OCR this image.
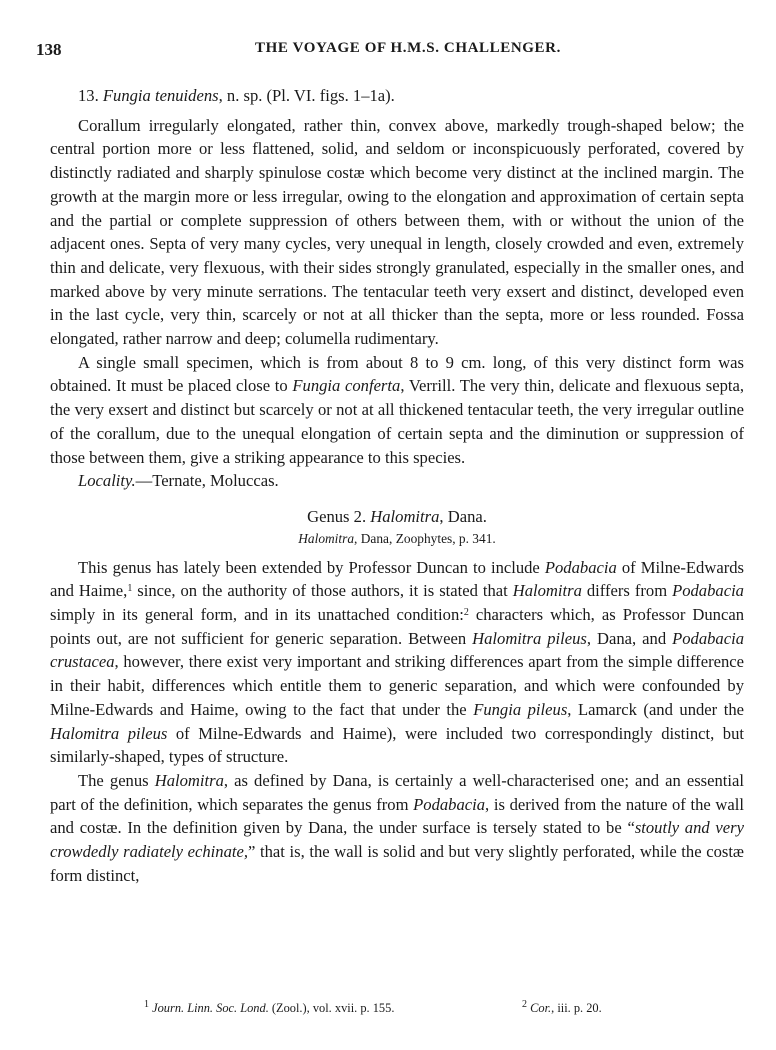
138	THE VOYAGE OF H.M.S. CHALLENGER.

13. Fungia tenuidens, n. sp. (Pl. VI. figs. 1–1a).

Corallum irregularly elongated, rather thin, convex above, markedly trough-shaped below; the central portion more or less flattened, solid, and seldom or inconspicuously perforated, covered by distinctly radiated and sharply spinulose costæ which become very distinct at the inclined margin. The growth at the margin more or less irregular, owing to the elongation and approximation of certain septa and the partial or complete suppression of others between them, with or without the union of the adjacent ones. Septa of very many cycles, very unequal in length, closely crowded and even, extremely thin and delicate, very flexuous, with their sides strongly granulated, especially in the smaller ones, and marked above by very minute serrations. The tentacular teeth very exsert and distinct, developed even in the last cycle, very thin, scarcely or not at all thicker than the septa, more or less rounded. Fossa elongated, rather narrow and deep; columella rudimentary.

A single small specimen, which is from about 8 to 9 cm. long, of this very distinct form was obtained. It must be placed close to Fungia conferta, Verrill. The very thin, delicate and flexuous septa, the very exsert and distinct but scarcely or not at all thickened tentacular teeth, the very irregular outline of the corallum, due to the unequal elongation of certain septa and the diminution or suppression of those between them, give a striking appearance to this species.

Locality.—Ternate, Moluccas.

Genus 2. Halomitra, Dana.

Halomitra, Dana, Zoophytes, p. 341.

This genus has lately been extended by Professor Duncan to include Podabacia of Milne-Edwards and Haime,$^1$ since, on the authority of those authors, it is stated that Halomitra differs from Podabacia simply in its general form, and in its unattached condition:$^2$ characters which, as Professor Duncan points out, are not sufficient for generic separation. Between Halomitra pileus, Dana, and Podabacia crustacea, however, there exist very important and striking differences apart from the simple difference in their habit, differences which entitle them to generic separation, and which were confounded by Milne-Edwards and Haime, owing to the fact that under the Fungia pileus, Lamarck (and under the Halomitra pileus of Milne-Edwards and Haime), were included two correspondingly distinct, but similarly-shaped, types of structure.

The genus Halomitra, as defined by Dana, is certainly a well-characterised one; and an essential part of the definition, which separates the genus from Podabacia, is derived from the nature of the wall and costæ. In the definition given by Dana, the under surface is tersely stated to be “stoutly and very crowdedly radiately echinate,” that is, the wall is solid and but very slightly perforated, while the costæ form distinct,

$^1$ Journ. Linn. Soc. Lond. (Zool.), vol. xvii. p. 155.	$^2$ Cor., iii. p. 20.
